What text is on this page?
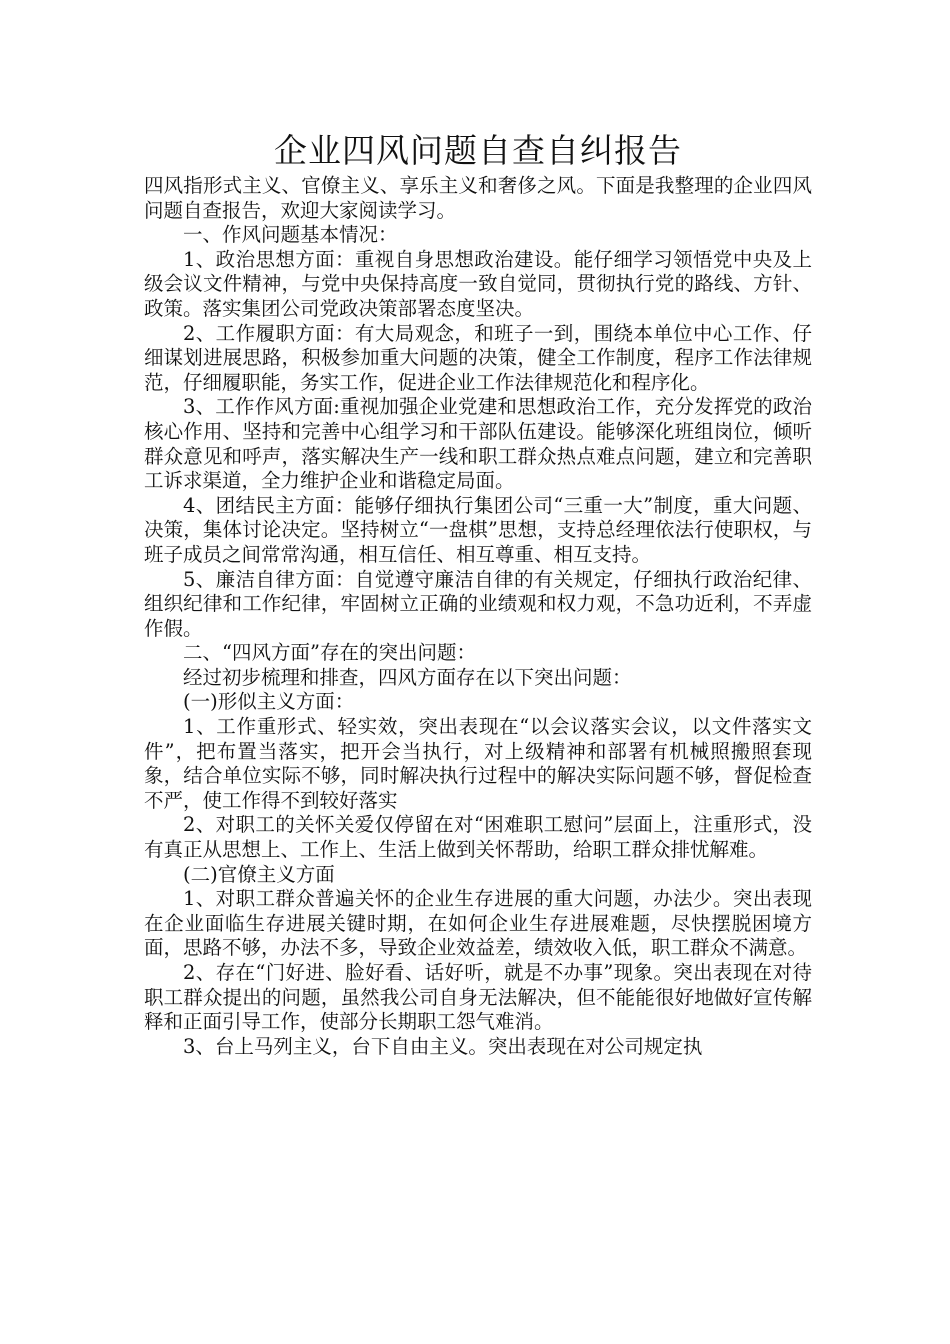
企业四风问题自查自纠报告

四风指形式主义、官僚主义、享乐主义和奢侈之风。下面是我整理的企业四风问题自查报告，欢迎大家阅读学习。

一、作风问题基本情况：

1、政治思想方面：重视自身思想政治建设。能仔细学习领悟党中央及上级会议文件精神，与党中央保持高度一致自觉同，贯彻执行党的路线、方针、政策。落实集团公司党政决策部署态度坚决。

2、工作履职方面：有大局观念，和班子一到，围绕本单位中心工作、仔细谋划进展思路，积极参加重大问题的决策，健全工作制度，程序工作法律规范，仔细履职能，务实工作，促进企业工作法律规范化和程序化。

3、工作作风方面:重视加强企业党建和思想政治工作，充分发挥党的政治核心作用、坚持和完善中心组学习和干部队伍建设。能够深化班组岗位，倾听群众意见和呼声，落实解决生产一线和职工群众热点难点问题，建立和完善职工诉求渠道，全力维护企业和谐稳定局面。

4、团结民主方面：能够仔细执行集团公司“三重一大”制度，重大问题、决策，集体讨论决定。坚持树立“一盘棋”思想，支持总经理依法行使职权，与班子成员之间常常沟通，相互信任、相互尊重、相互支持。

5、廉洁自律方面：自觉遵守廉洁自律的有关规定，仔细执行政治纪律、组织纪律和工作纪律，牢固树立正确的业绩观和权力观，不急功近利，不弄虚作假。

二、“四风方面”存在的突出问题：

经过初步梳理和排查，四风方面存在以下突出问题：

(一)形似主义方面：

1、工作重形式、轻实效，突出表现在“以会议落实会议，以文件落实文件”，把布置当落实，把开会当执行，对上级精神和部署有机械照搬照套现象，结合单位实际不够，同时解决执行过程中的解决实际问题不够，督促检查不严，使工作得不到较好落实

2、对职工的关怀关爱仅停留在对“困难职工慰问”层面上，注重形式，没有真正从思想上、工作上、生活上做到关怀帮助，给职工群众排忧解难。

(二)官僚主义方面

1、对职工群众普遍关怀的企业生存进展的重大问题，办法少。突出表现在企业面临生存进展关键时期，在如何企业生存进展难题，尽快摆脱困境方面，思路不够，办法不多，导致企业效益差，绩效收入低，职工群众不满意。

2、存在“门好进、脸好看、话好听，就是不办事”现象。突出表现在对待职工群众提出的问题，虽然我公司自身无法解决，但不能能很好地做好宣传解释和正面引导工作，使部分长期职工怨气难消。

3、台上马列主义，台下自由主义。突出表现在对公司规定执
